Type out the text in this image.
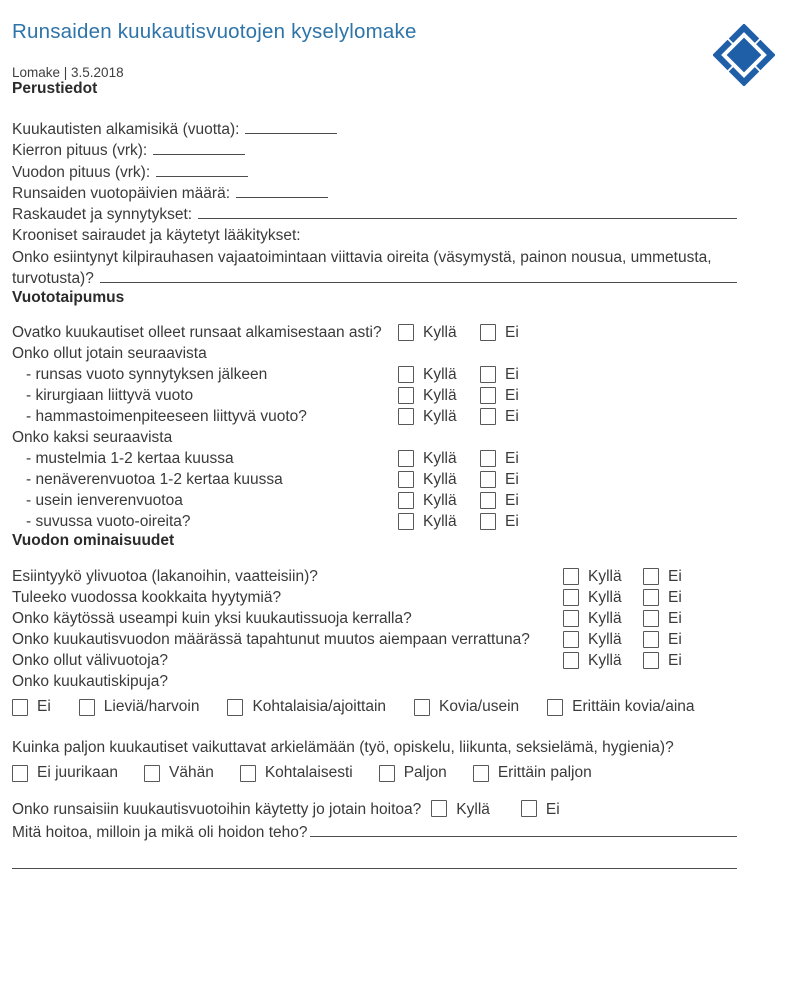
Runsaiden kuukautisvuotojen kyselylomake
Lomake | 3.5.2018
Perustiedot
Kuukautisten alkamisikä (vuotta):
Kierron pituus (vrk):
Vuodon pituus (vrk):
Runsaiden vuotopäivien määrä:
Raskaudet ja synnytykset:
Krooniset sairaudet ja käytetyt lääkitykset:
Onko esiintynyt kilpirauhasen vajaatoimintaan viittavia oireita (väsymystä, painon nousua, ummetusta,
turvotusta)?
Vuototaipumus
Ovatko kuukautiset olleet runsaat alkamisestaan asti?	Kyllä	Ei
Onko ollut jotain seuraavista
- runsas vuoto synnytyksen jälkeen	Kyllä	Ei
- kirurgiaan liittyvä vuoto	Kyllä	Ei
- hammastoimenpiteeseen liittyvä vuoto?	Kyllä	Ei
Onko kaksi seuraavista
- mustelmia 1-2 kertaa kuussa	Kyllä	Ei
- nenäverenvuotoa 1-2 kertaa kuussa	Kyllä	Ei
- usein ienverenvuotoa	Kyllä	Ei
- suvussa vuoto-oireita?	Kyllä	Ei
Vuodon ominaisuudet
Esiintyykö ylivuotoa (lakanoihin, vaatteisiin)?	Kyllä	Ei
Tuleeko vuodossa kookkaita hyytymiä?	Kyllä	Ei
Onko käytössä useampi kuin yksi kuukautissuoja kerralla?	Kyllä	Ei
Onko kuukautisvuodon määrässä tapahtunut muutos aiempaan verrattuna?	Kyllä	Ei
Onko ollut välivuotoja?	Kyllä	Ei
Onko kuukautiskipuja?
Ei	Lieviä/harvoin	Kohtalaisia/ajoittain	Kovia/usein	Erittäin kovia/aina
Kuinka paljon kuukautiset vaikuttavat arkielämään (työ, opiskelu, liikunta, seksielämä, hygienia)?
Ei juurikaan	Vähän	Kohtalaisesti	Paljon	Erittäin paljon
Onko runsaisiin kuukautisvuotoihin käytetty jo jotain hoitoa? Kyllä	Ei
Mitä hoitoa, milloin ja mikä oli hoidon teho?
